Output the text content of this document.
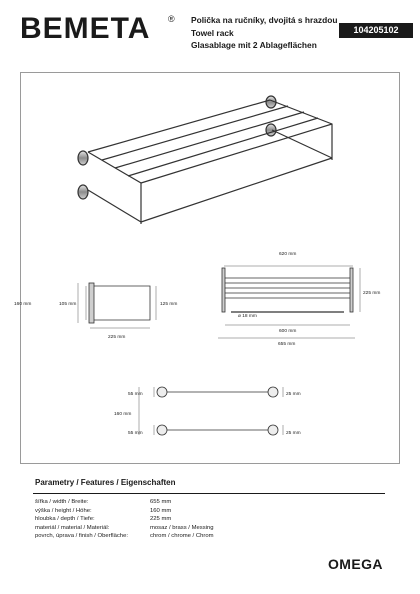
BEMETA ® Polička na ručníky, dvojitá s hrazdou
Towel rack
Glasablage mit 2 Ablageflächen
104205102
620 mm
225 mm
ø 18 mm
600 mm
655 mm
160 mm	105 mm	125 mm
225 mm
160 mm
55 mm
55 mm
25 mm
25 mm
Parametry / Features / Eigenschaften
šířka / width / Breite:	655 mm
výška / height / Höhe:	160 mm
hloubka / depth / Tiefe:	225 mm
materiál / material / Materiál:	mosaz / brass / Messing
povrch, úprava / finish / Oberfläche:	chrom / chrome / Chrom
OMEGA
